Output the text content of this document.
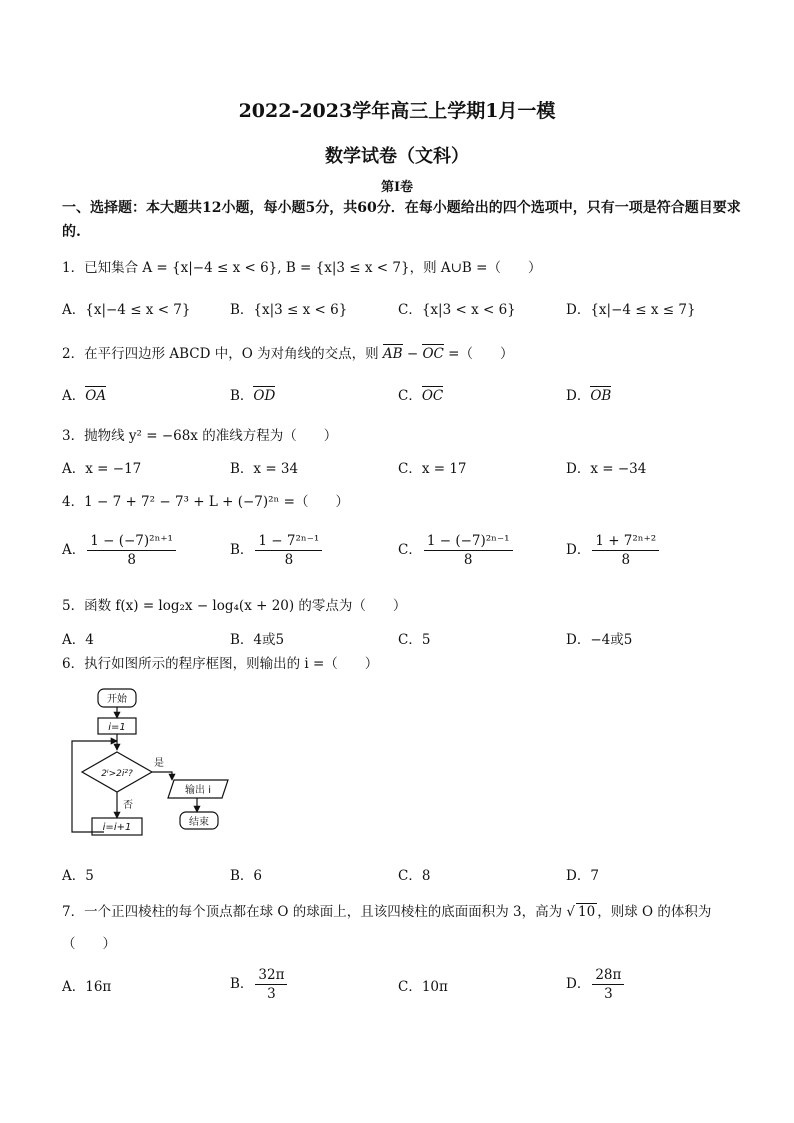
2022-2023学年高三上学期1月一模
数学试卷（文科）
第Ⅰ卷
一、选择题：本大题共12小题，每小题5分，共60分．在每小题给出的四个选项中，只有一项是符合题目要求的.
1．已知集合 A = {x|−4 ≤ x < 6}, B = {x|3 ≤ x < 7}，则 A∪B =（　　）
A．{x|−4 ≤ x < 7}	B．{x|3 ≤ x < 6}	C．{x|3 < x < 6}	D．{x|−4 ≤ x ≤ 7}
2．在平行四边形 ABCD 中，O 为对角线的交点，则 AB − OC =（　　）
A．OA	B．OD	C．OC	D．OB
3．抛物线 y² = −68x 的准线方程为（　　）
A．x = −17	B．x = 34	C．x = 17	D．x = −34
4．1 − 7 + 7² − 7³ + L + (−7)²ⁿ =（　　）
A． $\frac{\text{1 − (−7)²ⁿ⁺¹}}{8}$	B． $\frac{\text{1 − 7²ⁿ⁻¹}}{8}$	C． $\frac{\text{1 − (−7)²ⁿ⁻¹}}{8}$	D． $\frac{\text{1 + 7²ⁿ⁺²}}{8}$
5．函数 f(x) = log₂x − log₄(x + 20) 的零点为（　　）
A．4	B．4或5	C．5	D．−4或5
6．执行如图所示的程序框图，则输出的 i =（　　）
开始
i=1
2ⁱ>2i²?
是
否
输出 i
结束
i=i+1
A．5	B．6	C．8	D．7
7．一个正四棱柱的每个顶点都在球 O 的球面上，且该四棱柱的底面面积为 3，高为 √ 10 ，则球 O 的体积为
（　　）
A．16π	B． $\frac{32\pi}{3}$	C．10π	D． $\frac{28\pi}{3}$
